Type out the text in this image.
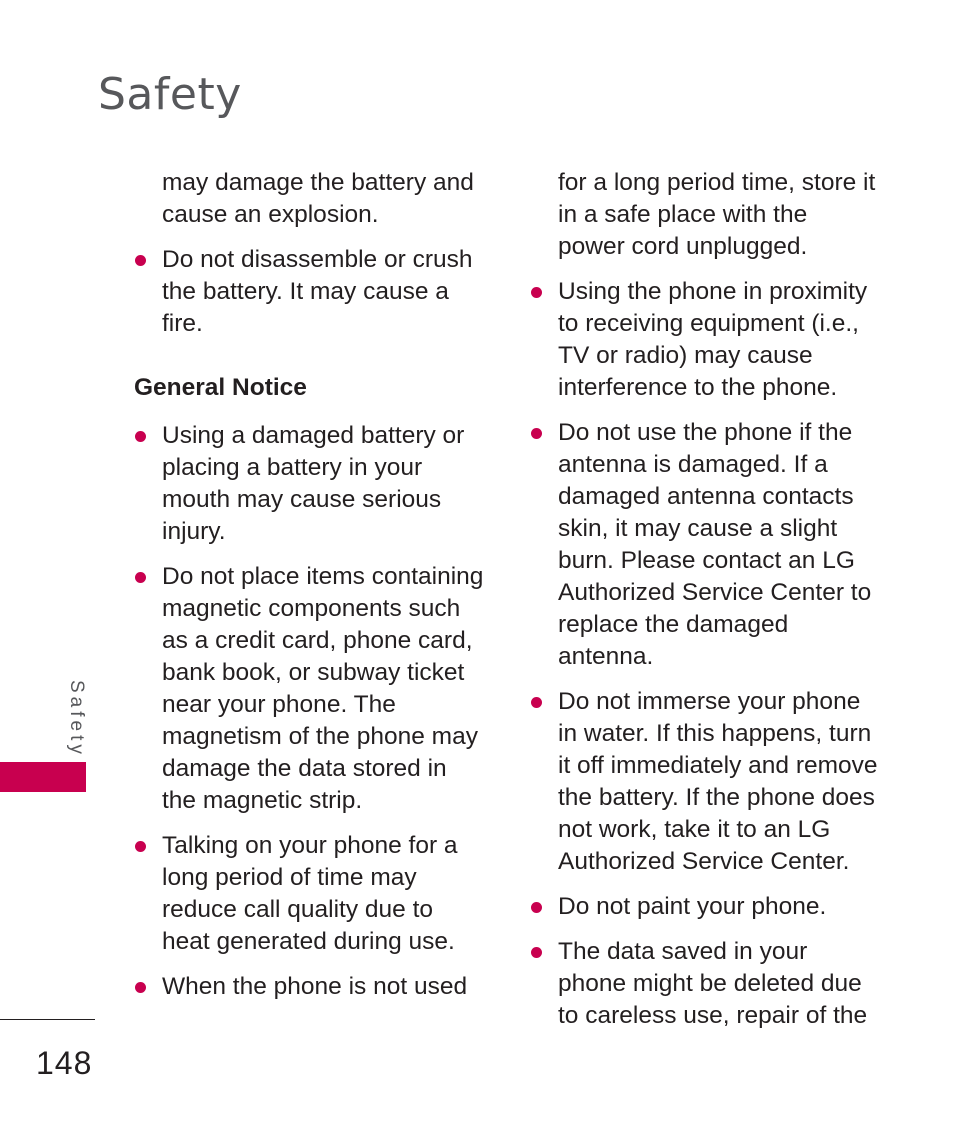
Safety

may damage the battery and cause an explosion.

Do not disassemble or crush the battery. It may cause a fire.
General Notice
Using a damaged battery or placing a battery in your mouth may cause serious injury.
Do not place items containing magnetic components such as a credit card, phone card, bank book, or subway ticket near your phone. The magnetism of the phone may damage the data stored in the magnetic strip.
Talking on your phone for a long period of time may reduce call quality due to heat generated during use.
When the phone is not used

for a long period time, store it in a safe place with the power cord unplugged.

Using the phone in proximity to receiving equipment (i.e., TV or radio) may cause interference to the phone.
Do not use the phone if the antenna is damaged. If a damaged antenna contacts skin, it may cause a slight burn. Please contact an LG Authorized Service Center to replace the damaged antenna.
Do not immerse your phone in water. If this happens, turn it off immediately and remove the battery. If the phone does not work, take it to an LG Authorized Service Center.
Do not paint your phone.
The data saved in your phone might be deleted due to careless use, repair of the
Safety
148
